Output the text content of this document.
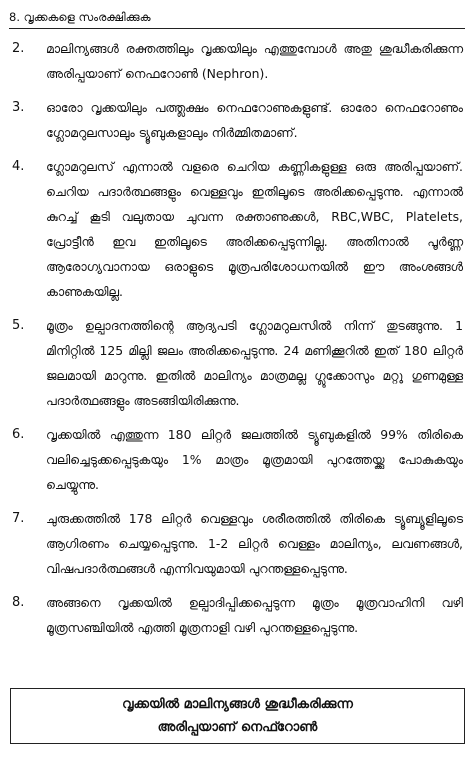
8. വൃക്കകളെ സംരക്ഷിക്കുക
2.	മാലിന്യങ്ങൾ രക്തത്തിലും വൃക്കയിലും എത്തുമ്പോൾ അതു ശുദ്ധീകരിക്കുന്ന അരിപ്പയാണ് നെഫറോൺ (Nephron).
3.	ഓരോ വൃക്കയിലും പത്ത്ലക്ഷം നെഫറോണുകളുണ്ട്. ഓരോ നെഫറോണും ഗ്ലോമറുലസാലും ട്യൂബുകളാലും നിർമ്മിതമാണ്.
4.	ഗ്ലോമറുലസ് എന്നാൽ വളരെ ചെറിയ കണ്ണികളുള്ള ഒരു അരിപ്പയാണ്. ചെറിയ പദാർത്ഥങ്ങളും വെള്ളവും ഇതിലൂടെ അരിക്കപ്പെടുന്നു. എന്നാൽ കുറച്ച് കൂടി വലുതായ ചുവന്ന രക്താണുക്കൾ, RBC,WBC, Platelets, പ്രോട്ടീൻ ഇവ ഇതിലൂടെ അരിക്കപ്പെടുന്നില്ല. അതിനാൽ പൂർണ്ണ ആരോഗ്യവാനായ ഒരാളുടെ മൂത്രപരിശോധനയിൽ ഈ അംശങ്ങൾ കാണുകയില്ല.
5.	മൂത്രം ഉല്പാദനത്തിന്റെ ആദ്യപടി ഗ്ലോമറുലസിൽ നിന്ന് തുടങ്ങുന്നു. 1 മിനിറ്റിൽ 125 മില്ലി ജലം അരിക്കപ്പെടുന്നു. 24 മണിക്കൂറിൽ ഇത് 180 ലിറ്റർ ജലമായി മാറുന്നു. ഇതിൽ മാലിന്യം മാത്രമല്ല ഗ്ലൂക്കോസും മറ്റു ഗുണമുള്ള പദാർത്ഥങ്ങളും അടങ്ങിയിരിക്കുന്നു.
6.	വൃക്കയിൽ എത്തുന്ന 180 ലിറ്റർ ജലത്തിൽ ട്യൂബുകളിൽ 99% തിരികെ വലിച്ചെടുക്കപ്പെടുകയും 1% മാത്രം മൂത്രമായി പുറത്തേയ്ക്കു പോകുകയും ചെയ്യുന്നു.
7.	ചുരുക്കത്തിൽ 178 ലിറ്റർ വെള്ളവും ശരീരത്തിൽ തിരികെ ട്യൂബ്യൂളിലൂടെ ആഗിരണം ചെയ്യപ്പെടുന്നു. 1-2 ലിറ്റർ വെള്ളം മാലിന്യം, ലവണങ്ങൾ, വിഷപദാർത്ഥങ്ങൾ എന്നിവയുമായി പുറന്തള്ളപ്പെടുന്നു.
8.	അങ്ങനെ വൃക്കയിൽ ഉല്പാദിപ്പിക്കപ്പെടുന്ന മൂത്രം മൂത്രവാഹിനി വഴി മൂത്രസഞ്ചിയിൽ എത്തി മൂത്രനാളി വഴി പുറന്തള്ളപ്പെടുന്നു.
വൃക്കയിൽ മാലിന്യങ്ങൾ ശുദ്ധീകരിക്കുന്ന
അരിപ്പയാണ് നെഫ്റോൺ
